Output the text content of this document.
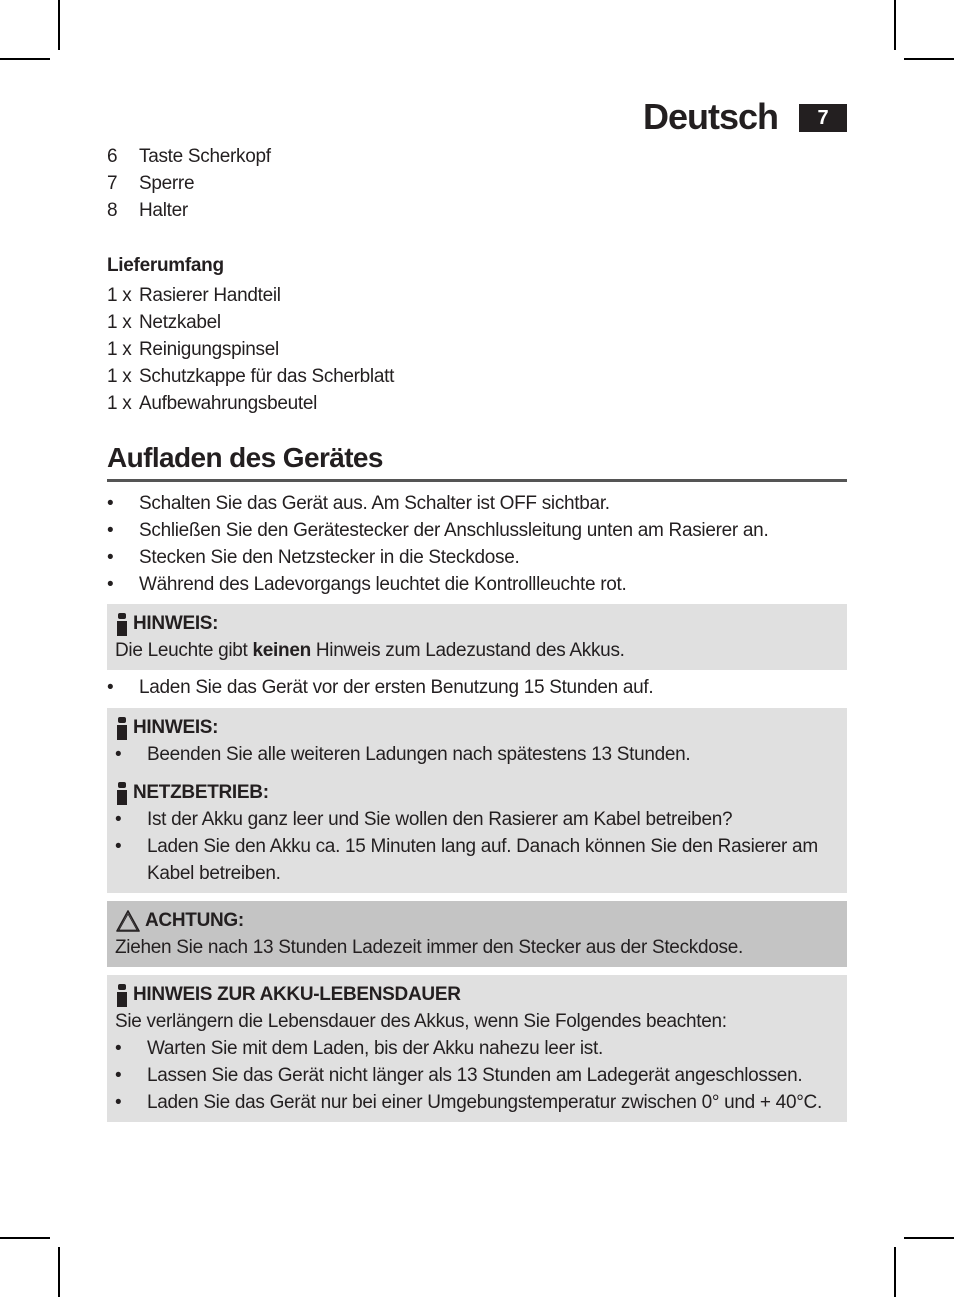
Deutsch	7
6	Taste Scherkopf
7	Sperre
8	Halter
Lieferumfang
1 x Rasierer Handteil
1 x Netzkabel
1 x Reinigungspinsel
1 x Schutzkappe für das Scherblatt
1 x Aufbewahrungsbeutel
Aufladen des Gerätes
•	Schalten Sie das Gerät aus. Am Schalter ist OFF sichtbar.
•	Schließen Sie den Gerätestecker der Anschlussleitung unten am Rasierer an.
•	Stecken Sie den Netzstecker in die Steckdose.
•	Während des Ladevorgangs leuchtet die Kontrollleuchte rot.
HINWEIS:
Die Leuchte gibt keinen Hinweis zum Ladezustand des Akkus.
•	Laden Sie das Gerät vor der ersten Benutzung 15 Stunden auf.
HINWEIS:
•	Beenden Sie alle weiteren Ladungen nach spätestens 13 Stunden.
NETZBETRIEB:
•	Ist der Akku ganz leer und Sie wollen den Rasierer am Kabel betreiben?
•	Laden Sie den Akku ca. 15 Minuten lang auf. Danach können Sie den Rasierer am Kabel betreiben.
ACHTUNG:
Ziehen Sie nach 13 Stunden Ladezeit immer den Stecker aus der Steckdose.
HINWEIS ZUR AKKU-LEBENSDAUER
Sie verlängern die Lebensdauer des Akkus, wenn Sie Folgendes beachten:
•	Warten Sie mit dem Laden, bis der Akku nahezu leer ist.
•	Lassen Sie das Gerät nicht länger als 13 Stunden am Ladegerät angeschlossen.
•	Laden Sie das Gerät nur bei einer Umgebungstemperatur zwischen 0° und + 40°C.
